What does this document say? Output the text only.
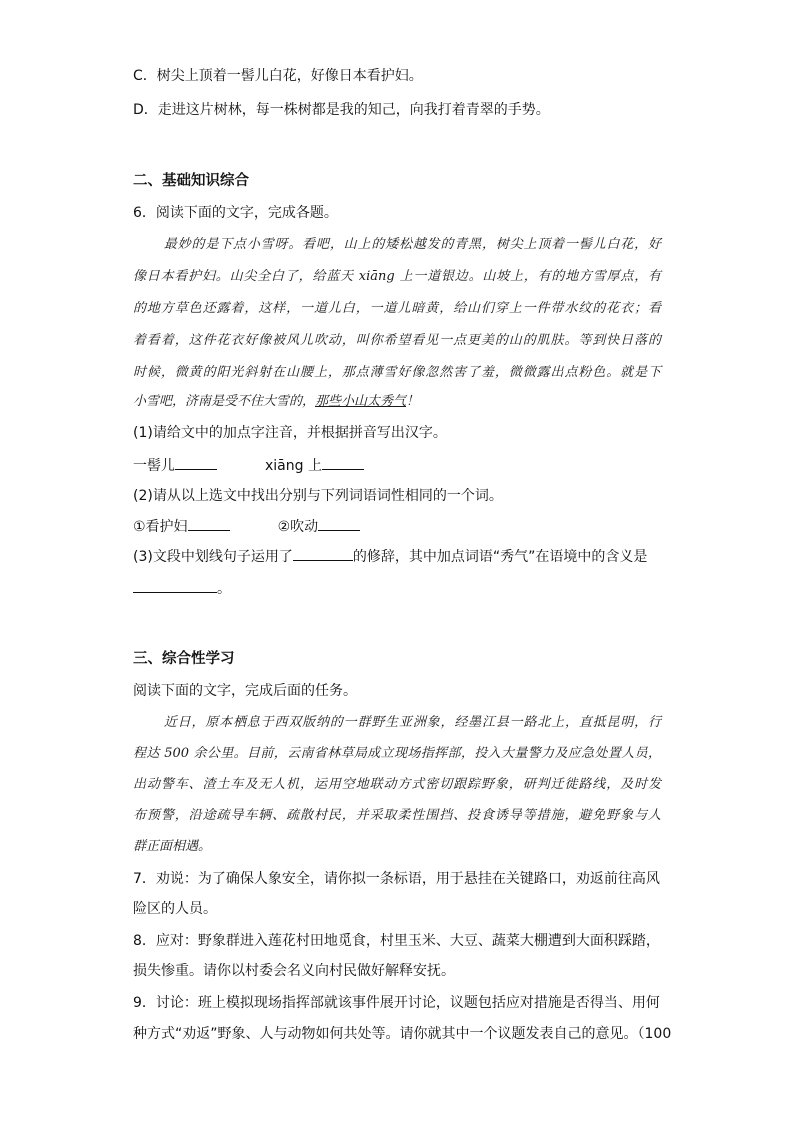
C．树尖上顶着一髻儿白花，好像日本看护妇。
D．走进这片树林，每一株树都是我的知己，向我打着青翠的手势。
二、基础知识综合
6．阅读下面的文字，完成各题。
最妙的是下点小雪呀。看吧，山上的矮松越发的青黑，树尖上顶着一髻儿白花，好
像日本看护妇。山尖全白了，给蓝天 xiāng 上一道银边。山坡上，有的地方雪厚点，有
的地方草色还露着，这样，一道儿白，一道儿暗黄，给山们穿上一件带水纹的花衣；看
着看着，这件花衣好像被风儿吹动，叫你希望看见一点更美的山的肌肤。等到快日落的
时候，微黄的阳光斜射在山腰上，那点薄雪好像忽然害了羞，微微露出点粉色。就是下
小雪吧，济南是受不住大雪的，那些小山太秀气！
(1)请给文中的加点字注音，并根据拼音写出汉字。
一髻儿	xiāng 上
(2)请从以上选文中找出分别与下列词语词性相同的一个词。
①看护妇	②吹动
(3)文段中划线句子运用了	的修辞，其中加点词语“秀气”在语境中的含义是
。
三、综合性学习
阅读下面的文字，完成后面的任务。
近日，原本栖息于西双版纳的一群野生亚洲象，经墨江县一路北上，直抵昆明，行
程达 500 余公里。目前，云南省林草局成立现场指挥部，投入大量警力及应急处置人员，
出动警车、渣土车及无人机，运用空地联动方式密切跟踪野象，研判迁徙路线，及时发
布预警，沿途疏导车辆、疏散村民，并采取柔性围挡、投食诱导等措施，避免野象与人
群正面相遇。
7．劝说：为了确保人象安全，请你拟一条标语，用于悬挂在关键路口，劝返前往高风
险区的人员。
8．应对：野象群进入莲花村田地觅食，村里玉米、大豆、蔬菜大棚遭到大面积踩踏，
损失惨重。请你以村委会名义向村民做好解释安抚。
9．讨论：班上模拟现场指挥部就该事件展开讨论，议题包括应对措施是否得当、用何
种方式“劝返”野象、人与动物如何共处等。请你就其中一个议题发表自己的意见。（100
